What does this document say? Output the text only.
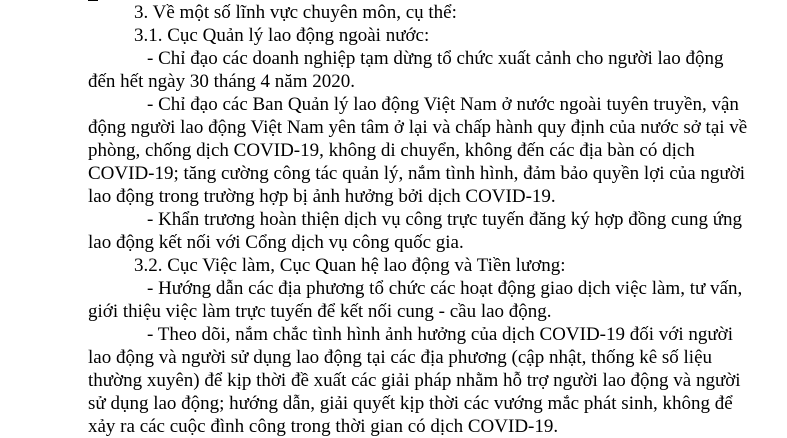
3. Về một số lĩnh vực chuyên môn, cụ thể:
3.1. Cục Quản lý lao động ngoài nước:
- Chỉ đạo các doanh nghiệp tạm dừng tổ chức xuất cảnh cho người lao động
đến hết ngày 30 tháng 4 năm 2020.
- Chỉ đạo các Ban Quản lý lao động Việt Nam ở nước ngoài tuyên truyền, vận
động người lao động Việt Nam yên tâm ở lại và chấp hành quy định của nước sở tại về
phòng, chống dịch COVID-19, không di chuyển, không đến các địa bàn có dịch
COVID-19; tăng cường công tác quản lý, nắm tình hình, đảm bảo quyền lợi của người
lao động trong trường hợp bị ảnh hưởng bởi dịch COVID-19.
- Khẩn trương hoàn thiện dịch vụ công trực tuyến đăng ký hợp đồng cung ứng
lao động kết nối với Cổng dịch vụ công quốc gia.
3.2. Cục Việc làm, Cục Quan hệ lao động và Tiền lương:
- Hướng dẫn các địa phương tổ chức các hoạt động giao dịch việc làm, tư vấn,
giới thiệu việc làm trực tuyến để kết nối cung - cầu lao động.
- Theo dõi, nắm chắc tình hình ảnh hưởng của dịch COVID-19 đối với người
lao động và người sử dụng lao động tại các địa phương (cập nhật, thống kê số liệu
thường xuyên) để kịp thời đề xuất các giải pháp nhằm hỗ trợ người lao động và người
sử dụng lao động; hướng dẫn, giải quyết kịp thời các vướng mắc phát sinh, không để
xảy ra các cuộc đình công trong thời gian có dịch COVID-19.
